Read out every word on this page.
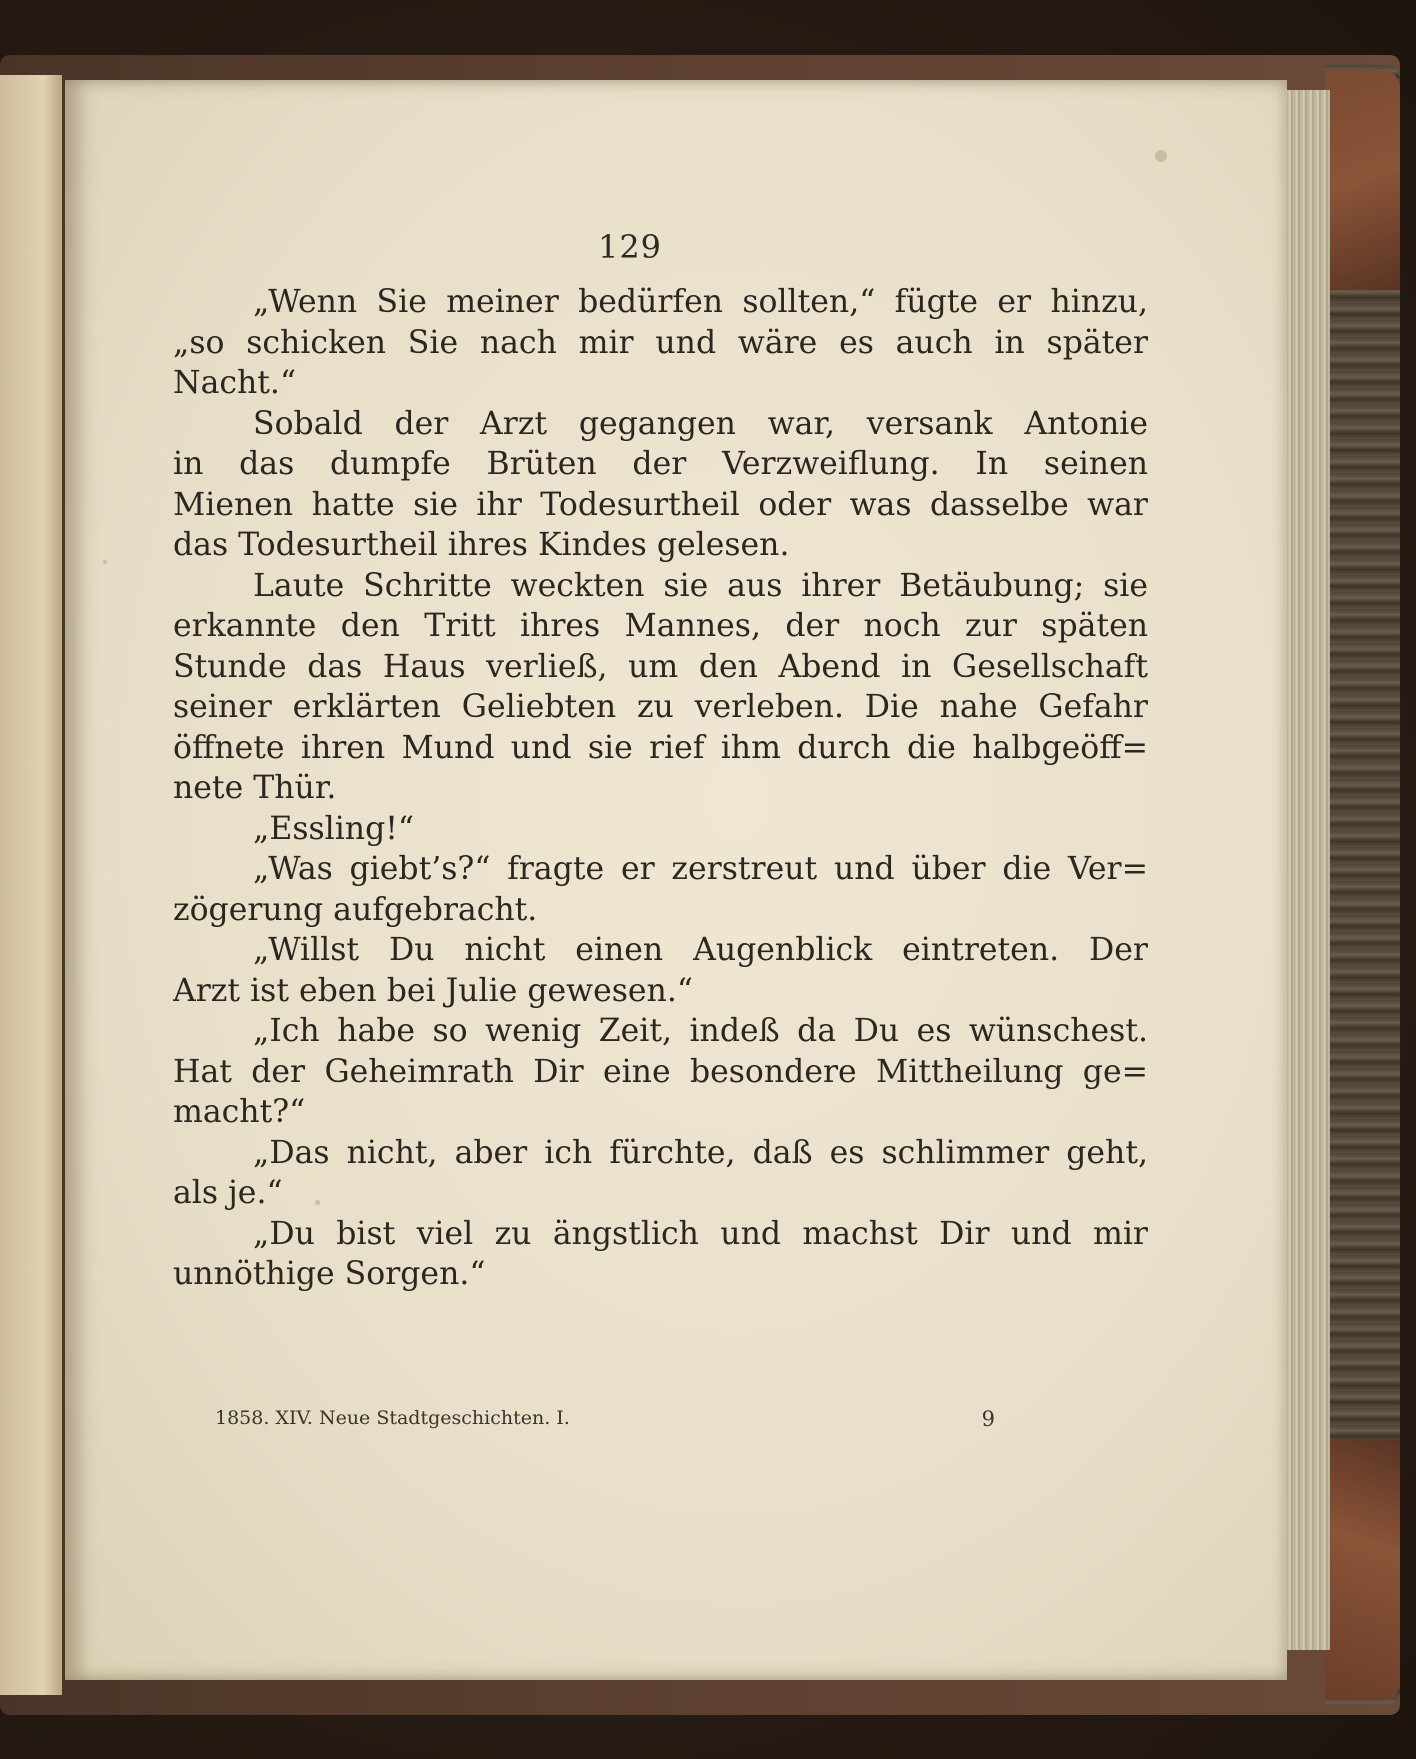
129
„Wenn Sie meiner bedürfen sollten,“ fügte er hinzu,
„so schicken Sie nach mir und wäre es auch in später
Nacht.“
Sobald der Arzt gegangen war, versank Antonie
in das dumpfe Brüten der Verzweiflung. In seinen
Mienen hatte sie ihr Todesurtheil oder was dasselbe war
das Todesurtheil ihres Kindes gelesen.
Laute Schritte weckten sie aus ihrer Betäubung; sie
erkannte den Tritt ihres Mannes, der noch zur späten
Stunde das Haus verließ, um den Abend in Gesellschaft
seiner erklärten Geliebten zu verleben. Die nahe Gefahr
öffnete ihren Mund und sie rief ihm durch die halbgeöff=
nete Thür.
„Essling!“
„Was giebt’s?“ fragte er zerstreut und über die Ver=
zögerung aufgebracht.
„Willst Du nicht einen Augenblick eintreten. Der
Arzt ist eben bei Julie gewesen.“
„Ich habe so wenig Zeit, indeß da Du es wünschest.
Hat der Geheimrath Dir eine besondere Mittheilung ge=
macht?“
„Das nicht, aber ich fürchte, daß es schlimmer geht,
als je.“
„Du bist viel zu ängstlich und machst Dir und mir
unnöthige Sorgen.“
1858. XIV. Neue Stadtgeschichten. I.	9
